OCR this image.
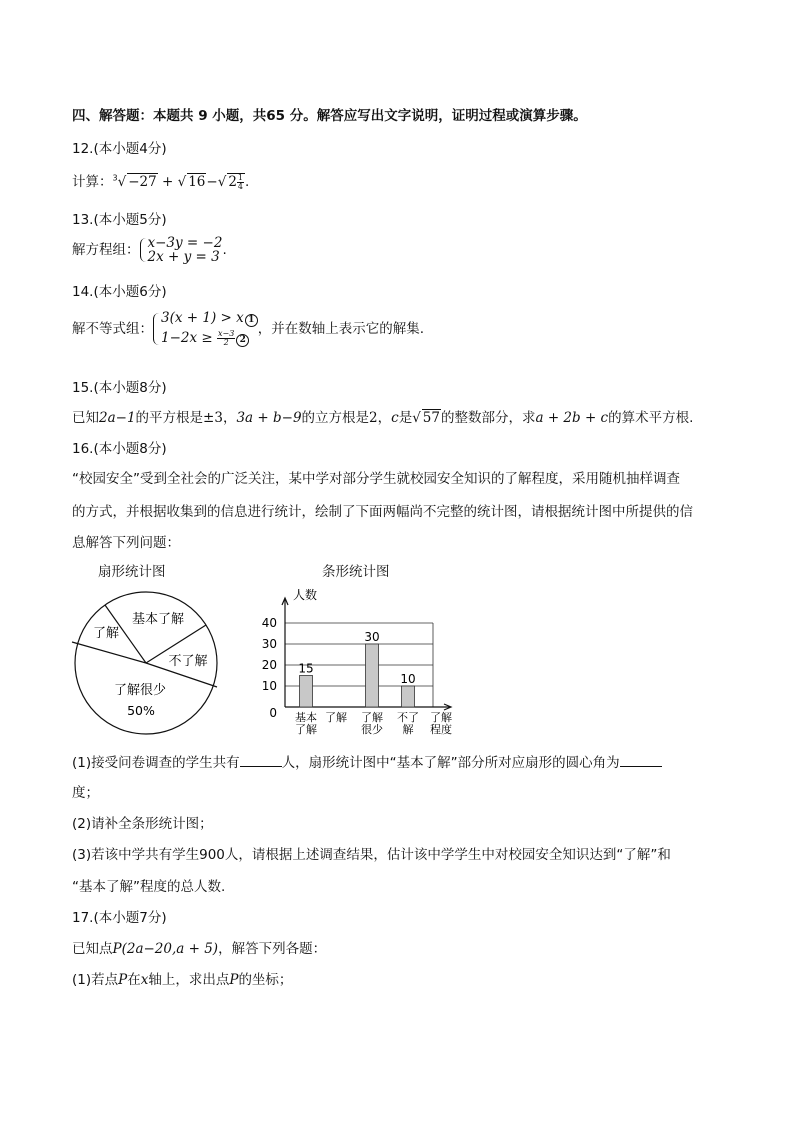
四、解答题：本题共 9 小题，共65 分。解答应写出文字说明，证明过程或演算步骤。
12.(本小题4分)
计算：$^3$√ −27 + √ 16−√ $2 \frac{1}{4}$ .
13.(本小题5分)
解方程组： x−3y = −2
2x + y = 3 .
14.(本小题6分)
解不等式组：
3(x + 1) > x 1
$1-2x \ge \frac{x-3}{2} 2$
，并在数轴上表示它的解集.
15.(本小题8分)
已知2a−1的平方根是±3，3a + b−9的立方根是2，c是√ 57的整数部分，求a + 2b + c的算术平方根.
16.(本小题8分)
“校园安全”受到全社会的广泛关注，某中学对部分学生就校园安全知识的了解程度，采用随机抽样调查
的方式，并根据收集到的信息进行统计，绘制了下面两幅尚不完整的统计图，请根据统计图中所提供的信
息解答下列问题：
扇形统计图	条形统计图
基本了解
了解
不了解
了解很少
50%	0
10
20
30
40
人数
了解
程度
15
基本
了解
了解
30
了解
很少
10
不了
解
(1)接受问卷调查的学生共有	人，扇形统计图中“基本了解”部分所对应扇形的圆心角为
度；
(2)请补全条形统计图；
(3)若该中学共有学生900人，请根据上述调查结果，估计该中学学生中对校园安全知识达到“了解”和
“基本了解”程度的总人数.
17.(本小题7分)
已知点P(2a−20,a + 5)，解答下列各题：
(1)若点P在x轴上，求出点P的坐标；
